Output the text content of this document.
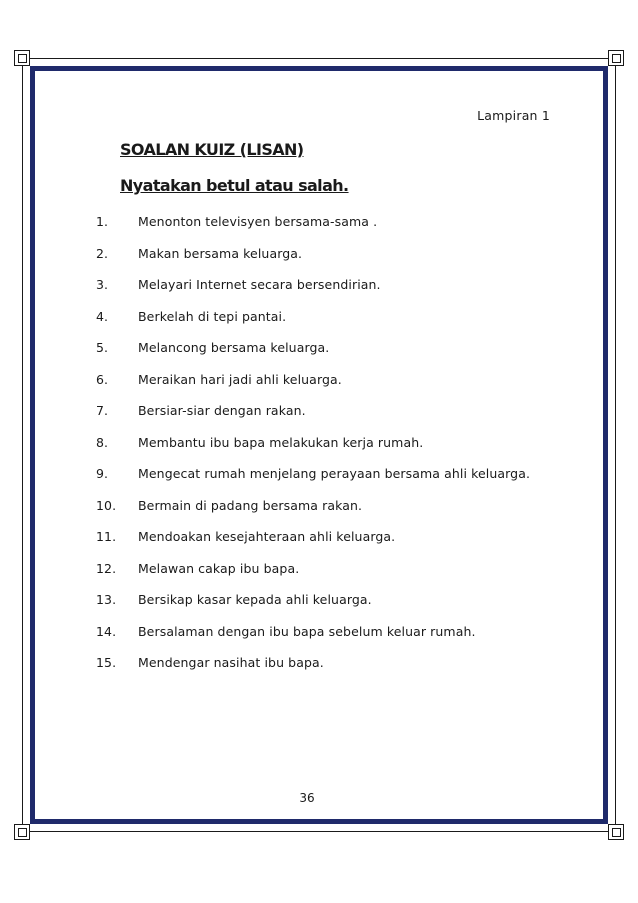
Lampiran 1
SOALAN KUIZ (LISAN)
Nyatakan betul atau salah.
1.	Menonton televisyen bersama-sama .
2.	Makan bersama keluarga.
3.	Melayari Internet secara bersendirian.
4.	Berkelah di tepi pantai.
5.	Melancong bersama keluarga.
6.	Meraikan hari jadi ahli keluarga.
7.	Bersiar-siar dengan rakan.
8.	Membantu ibu bapa melakukan kerja rumah.
9.	Mengecat rumah menjelang perayaan bersama ahli keluarga.
10.	Bermain di padang bersama rakan.
11.	Mendoakan kesejahteraan ahli keluarga.
12.	Melawan cakap ibu bapa.
13.	Bersikap kasar kepada ahli keluarga.
14.	Bersalaman dengan ibu bapa sebelum keluar rumah.
15.	Mendengar nasihat ibu bapa.
36
